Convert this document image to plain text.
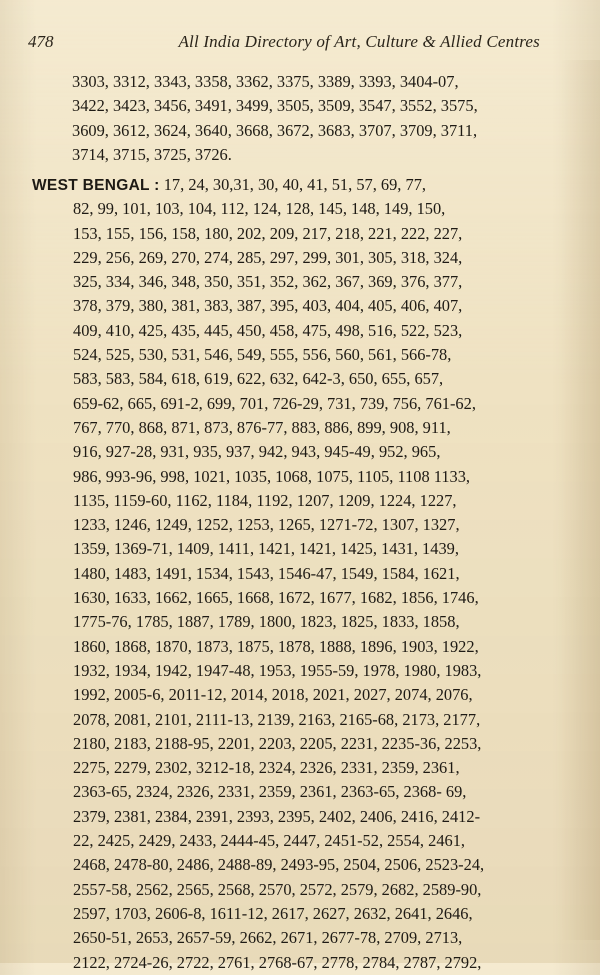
478	All India Directory of Art, Culture & Allied Centres
3303, 3312, 3343, 3358, 3362, 3375, 3389, 3393, 3404-07,
3422, 3423, 3456, 3491, 3499, 3505, 3509, 3547, 3552, 3575,
3609, 3612, 3624, 3640, 3668, 3672, 3683, 3707, 3709, 3711,
3714, 3715, 3725, 3726.
WEST BENGAL : 17, 24, 30,31, 30, 40, 41, 51, 57, 69, 77,
82, 99, 101, 103, 104, 112, 124, 128, 145, 148, 149, 150,
153, 155, 156, 158, 180, 202, 209, 217, 218, 221, 222, 227,
229, 256, 269, 270, 274, 285, 297, 299, 301, 305, 318, 324,
325, 334, 346, 348, 350, 351, 352, 362, 367, 369, 376, 377,
378, 379, 380, 381, 383, 387, 395, 403, 404, 405, 406, 407,
409, 410, 425, 435, 445, 450, 458, 475, 498, 516, 522, 523,
524, 525, 530, 531, 546, 549, 555, 556, 560, 561, 566-78,
583, 583, 584, 618, 619, 622, 632, 642-3, 650, 655, 657,
659-62, 665, 691-2, 699, 701, 726-29, 731, 739, 756, 761-62,
767, 770, 868, 871, 873, 876-77, 883, 886, 899, 908, 911,
916, 927-28, 931, 935, 937, 942, 943, 945-49, 952, 965,
986, 993-96, 998, 1021, 1035, 1068, 1075, 1105, 1108 1133,
1135, 1159-60, 1162, 1184, 1192, 1207, 1209, 1224, 1227,
1233, 1246, 1249, 1252, 1253, 1265, 1271-72, 1307, 1327,
1359, 1369-71, 1409, 1411, 1421, 1421, 1425, 1431, 1439,
1480, 1483, 1491, 1534, 1543, 1546-47, 1549, 1584, 1621,
1630, 1633, 1662, 1665, 1668, 1672, 1677, 1682, 1856, 1746,
1775-76, 1785, 1887, 1789, 1800, 1823, 1825, 1833, 1858,
1860, 1868, 1870, 1873, 1875, 1878, 1888, 1896, 1903, 1922,
1932, 1934, 1942, 1947-48, 1953, 1955-59, 1978, 1980, 1983,
1992, 2005-6, 2011-12, 2014, 2018, 2021, 2027, 2074, 2076,
2078, 2081, 2101, 2111-13, 2139, 2163, 2165-68, 2173, 2177,
2180, 2183, 2188-95, 2201, 2203, 2205, 2231, 2235-36, 2253,
2275, 2279, 2302, 3212-18, 2324, 2326, 2331, 2359, 2361,
2363-65, 2324, 2326, 2331, 2359, 2361, 2363-65, 2368- 69,
2379, 2381, 2384, 2391, 2393, 2395, 2402, 2406, 2416, 2412-
22, 2425, 2429, 2433, 2444-45, 2447, 2451-52, 2554, 2461,
2468, 2478-80, 2486, 2488-89, 2493-95, 2504, 2506, 2523-24,
2557-58, 2562, 2565, 2568, 2570, 2572, 2579, 2682, 2589-90,
2597, 1703, 2606-8, 1611-12, 2617, 2627, 2632, 2641, 2646,
2650-51, 2653, 2657-59, 2662, 2671, 2677-78, 2709, 2713,
2122, 2724-26, 2722, 2761, 2768-67, 2778, 2784, 2787, 2792,
